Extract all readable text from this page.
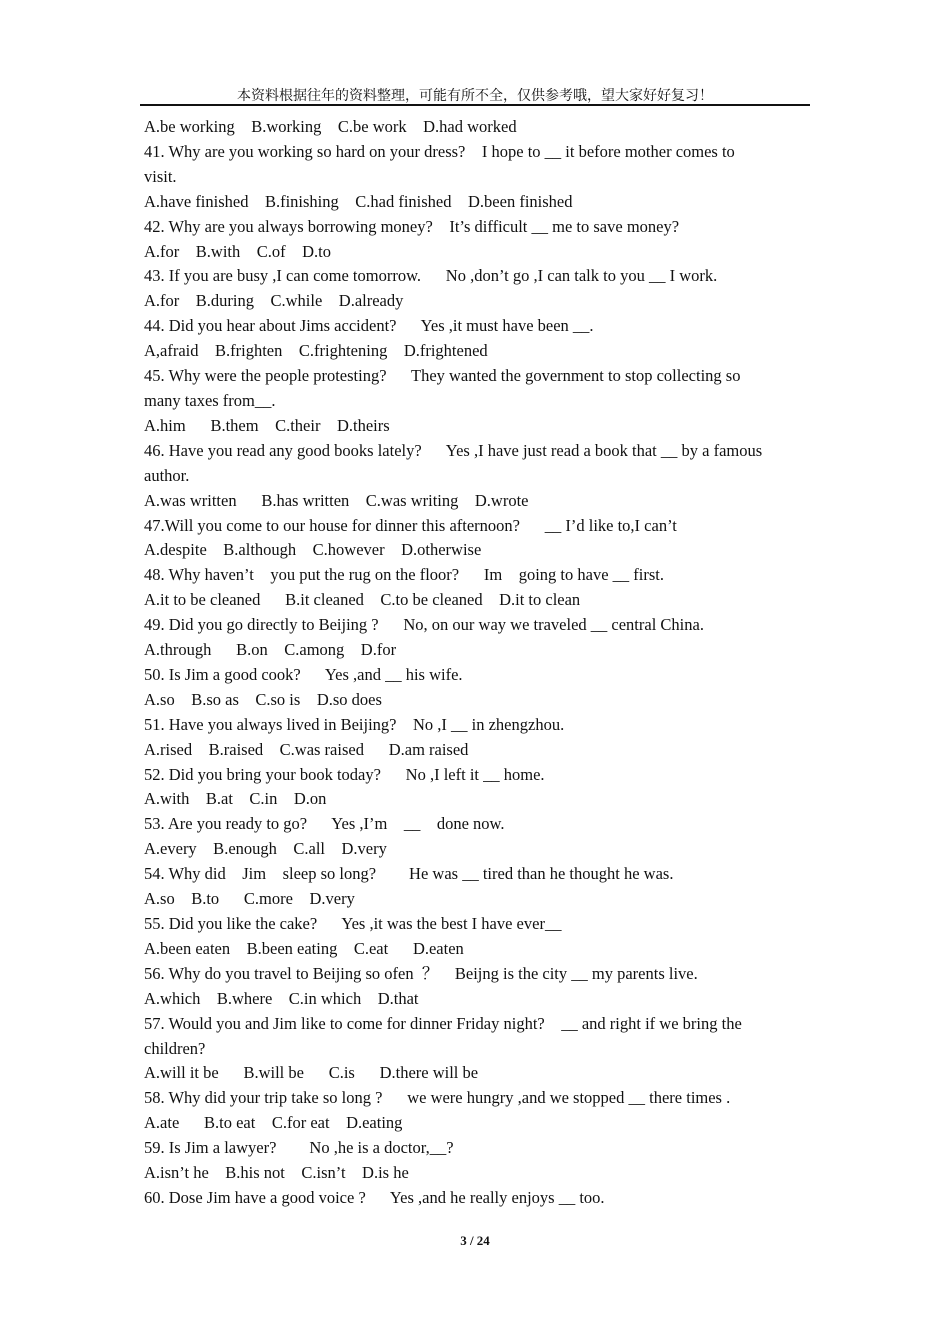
本资料根据往年的资料整理，可能有所不全，仅供参考哦，望大家好好复习！
A.be working    B.working    C.be work    D.had worked
41. Why are you working so hard on your dress?    I hope to __ it before mother comes to
visit.
A.have finished    B.finishing    C.had finished    D.been finished
42. Why are you always borrowing money?    It’s difficult __ me to save money?
A.for    B.with    C.of    D.to
43. If you are busy ,I can come tomorrow.      No ,don’t go ,I can talk to you __ I work.
A.for    B.during    C.while    D.already
44. Did you hear about Jims accident?      Yes ,it must have been __.
A,afraid    B.frighten    C.frightening    D.frightened
45. Why were the people protesting?      They wanted the government to stop collecting so
many taxes from__.
A.him      B.them    C.their    D.theirs
46. Have you read any good books lately?      Yes ,I have just read a book that __ by a famous
author.
A.was written      B.has written    C.was writing    D.wrote
47.Will you come to our house for dinner this afternoon?      __ I’d like to,I can’t
A.despite    B.although    C.however    D.otherwise
48. Why haven’t    you put the rug on the floor?      Im    going to have __ first.
A.it to be cleaned      B.it cleaned    C.to be cleaned    D.it to clean
49. Did you go directly to Beijing ?      No, on our way we traveled __ central China.
A.through      B.on    C.among    D.for
50. Is Jim a good cook?      Yes ,and __ his wife.
A.so    B.so as    C.so is    D.so does
51. Have you always lived in Beijing?    No ,I __ in zhengzhou.
A.rised    B.raised    C.was raised      D.am raised
52. Did you bring your book today?      No ,I left it __ home.
A.with    B.at    C.in    D.on
53. Are you ready to go?      Yes ,I’m    __    done now.
A.every    B.enough    C.all    D.very
54. Why did    Jim    sleep so long?        He was __ tired than he thought he was.
A.so    B.to      C.more    D.very
55. Did you like the cake?      Yes ,it was the best I have ever__
A.been eaten    B.been eating    C.eat      D.eaten
56. Why do you travel to Beijing so ofen  ？    Beijng is the city __ my parents live.
A.which    B.where    C.in which    D.that
57. Would you and Jim like to come for dinner Friday night?    __ and right if we bring the
children?
A.will it be      B.will be      C.is      D.there will be
58. Why did your trip take so long ?      we were hungry ,and we stopped __ there times .
A.ate      B.to eat    C.for eat    D.eating
59. Is Jim a lawyer?        No ,he is a doctor,__?
A.isn’t he    B.his not    C.isn’t    D.is he
60. Dose Jim have a good voice ?      Yes ,and he really enjoys __ too.
3 / 24
